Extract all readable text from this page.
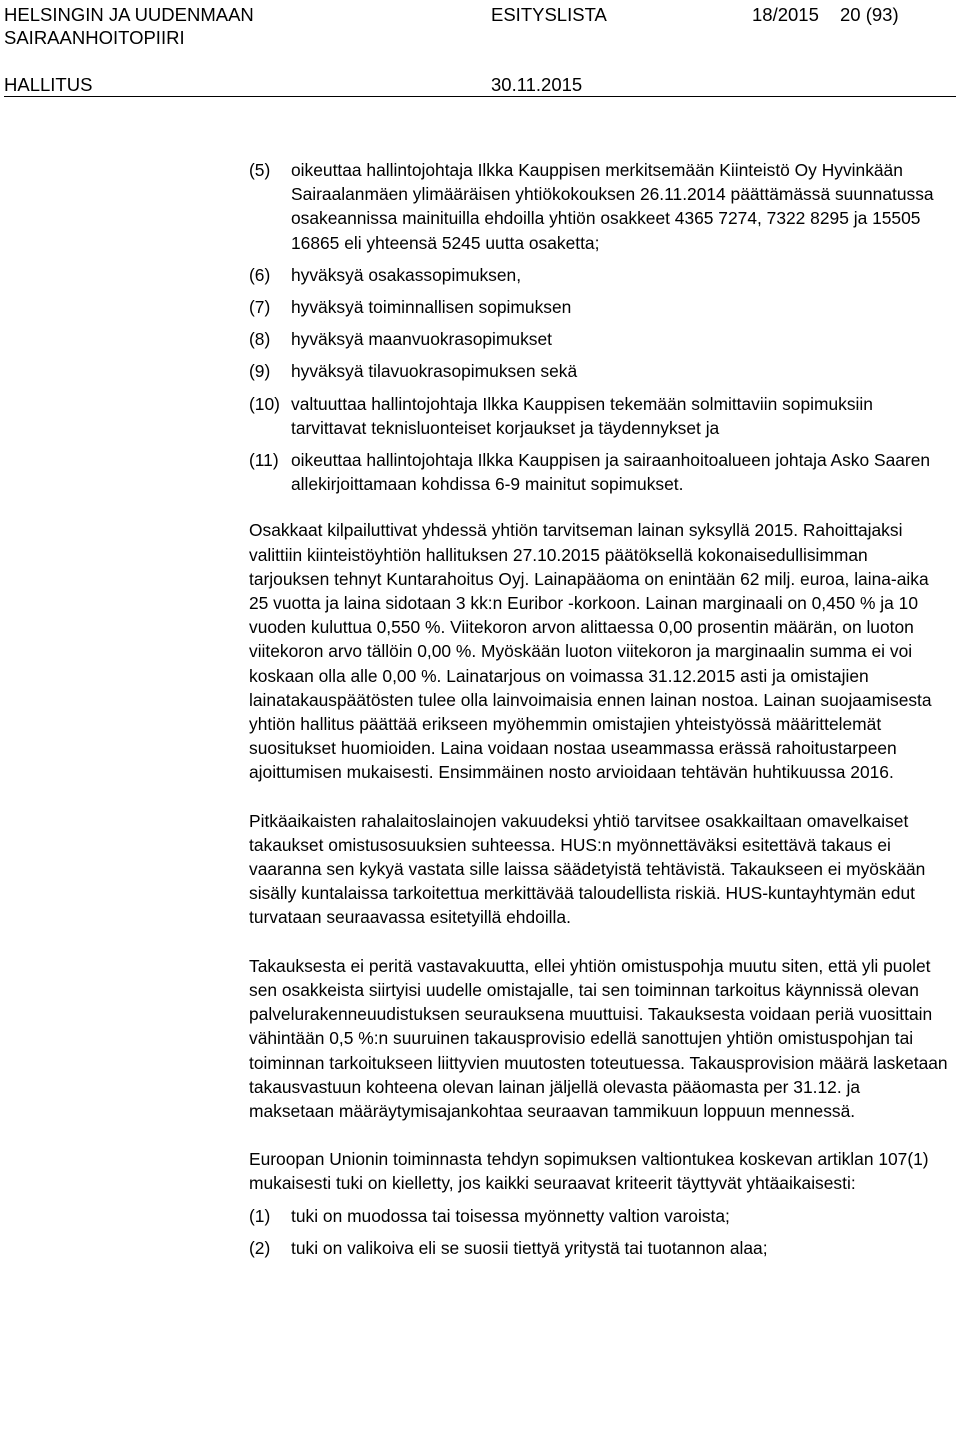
HELSINGIN JA UUDENMAAN
SAIRAANHOITOPIIRI
ESITYSLISTA	18/2015 20 (93)
HALLITUS	30.11.2015
(5)	oikeuttaa hallintojohtaja Ilkka Kauppisen merkitsemään Kiinteistö Oy Hyvinkään Sairaalanmäen ylimääräisen yhtiökokouksen 26.11.2014 päättämässä suunnatussa osakeannissa mainituilla ehdoilla yhtiön osakkeet 4365 7274, 7322 8295 ja 15505 16865 eli yhteensä 5245 uutta osaketta;
(6)	hyväksyä osakassopimuksen,
(7)	hyväksyä toiminnallisen sopimuksen
(8)	hyväksyä maanvuokrasopimukset
(9)	hyväksyä tilavuokrasopimuksen sekä
(10) valtuuttaa hallintojohtaja Ilkka Kauppisen tekemään solmittaviin sopimuksiin tarvittavat teknisluonteiset korjaukset ja täydennykset ja
(11) oikeuttaa hallintojohtaja Ilkka Kauppisen ja sairaanhoitoalueen johtaja Asko Saaren allekirjoittamaan kohdissa 6-9 mainitut sopimukset.

Osakkaat kilpailuttivat yhdessä yhtiön tarvitseman lainan syksyllä 2015. Rahoittajaksi valittiin kiinteistöyhtiön hallituksen 27.10.2015 päätöksellä kokonaisedullisimman tarjouksen tehnyt Kuntarahoitus Oyj. Lainapääoma on enintään 62 milj. euroa, laina-aika 25 vuotta ja laina sidotaan 3 kk:n Euribor -korkoon. Lainan marginaali on 0,450 % ja 10 vuoden kuluttua 0,550 %. Viitekoron arvon alittaessa 0,00 prosentin määrän, on luoton viitekoron arvo tällöin 0,00 %. Myöskään luoton viitekoron ja marginaalin summa ei voi koskaan olla alle 0,00 %. Lainatarjous on voimassa 31.12.2015 asti ja omistajien lainatakauspäätösten tulee olla lainvoimaisia ennen lainan nostoa. Lainan suojaamisesta yhtiön hallitus päättää erikseen myöhemmin omistajien yhteistyössä määrittelemät suositukset huomioiden. Laina voidaan nostaa useammassa erässä rahoitustarpeen ajoittumisen mukaisesti. Ensimmäinen nosto arvioidaan tehtävän huhtikuussa 2016.

Pitkäaikaisten rahalaitoslainojen vakuudeksi yhtiö tarvitsee osakkailtaan omavelkaiset takaukset omistusosuuksien suhteessa. HUS:n myönnettäväksi esitettävä takaus ei vaaranna sen kykyä vastata sille laissa säädetyistä tehtävistä. Takaukseen ei myöskään sisälly kuntalaissa tarkoitettua merkittävää taloudellista riskiä. HUS-kuntayhtymän edut turvataan seuraavassa esitetyillä ehdoilla.

Takauksesta ei peritä vastavakuutta, ellei yhtiön omistuspohja muutu siten, että yli puolet sen osakkeista siirtyisi uudelle omistajalle, tai sen toiminnan tarkoitus käynnissä olevan palvelurakenneuudistuksen seurauksena muuttuisi. Takauksesta voidaan periä vuosittain vähintään 0,5 %:n suuruinen takausprovisio edellä sanottujen yhtiön omistuspohjan tai toiminnan tarkoitukseen liittyvien muutosten toteutuessa. Takausprovision määrä lasketaan takausvastuun kohteena olevan lainan jäljellä olevasta pääomasta per 31.12. ja maksetaan määräytymisajankohtaa seuraavan tammikuun loppuun mennessä.

Euroopan Unionin toiminnasta tehdyn sopimuksen valtiontukea koskevan artiklan 107(1) mukaisesti tuki on kielletty, jos kaikki seuraavat kriteerit täyttyvät yhtäaikaisesti:

(1)	tuki on muodossa tai toisessa myönnetty valtion varoista;
(2)	tuki on valikoiva eli se suosii tiettyä yritystä tai tuotannon alaa;
